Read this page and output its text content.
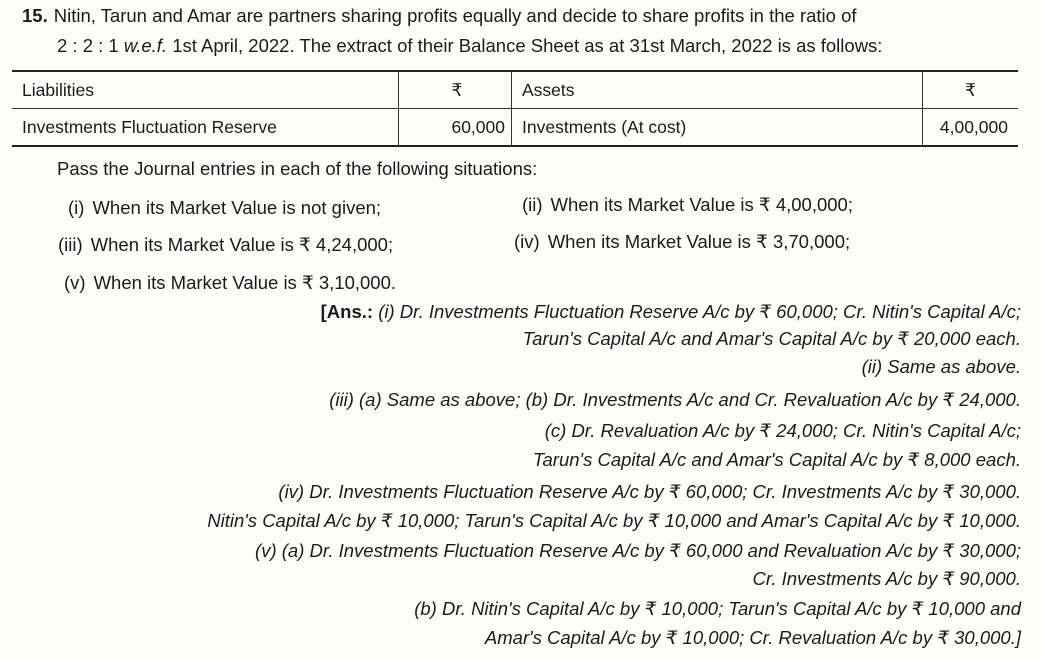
15. Nitin, Tarun and Amar are partners sharing profits equally and decide to share profits in the ratio of
2 : 2 : 1 w.e.f. 1st April, 2022. The extract of their Balance Sheet as at 31st March, 2022 is as follows:
Liabilities	₹	Assets	₹
Investments Fluctuation Reserve	60,000	Investments (At cost)	4,00,000
Pass the Journal entries in each of the following situations:
(i) When its Market Value is not given;	(ii) When its Market Value is ₹ 4,00,000;
(iii) When its Market Value is ₹ 4,24,000;	(iv) When its Market Value is ₹ 3,70,000;
(v) When its Market Value is ₹ 3,10,000.
[Ans.: (i) Dr. Investments Fluctuation Reserve A/c by ₹ 60,000; Cr. Nitin's Capital A/c;
Tarun's Capital A/c and Amar's Capital A/c by ₹ 20,000 each.
(ii) Same as above.
(iii) (a) Same as above; (b) Dr. Investments A/c and Cr. Revaluation A/c by ₹ 24,000.
(c) Dr. Revaluation A/c by ₹ 24,000; Cr. Nitin's Capital A/c;
Tarun's Capital A/c and Amar's Capital A/c by ₹ 8,000 each.
(iv) Dr. Investments Fluctuation Reserve A/c by ₹ 60,000; Cr. Investments A/c by ₹ 30,000.
Nitin's Capital A/c by ₹ 10,000; Tarun's Capital A/c by ₹ 10,000 and Amar's Capital A/c by ₹ 10,000.
(v) (a) Dr. Investments Fluctuation Reserve A/c by ₹ 60,000 and Revaluation A/c by ₹ 30,000;
Cr. Investments A/c by ₹ 90,000.
(b) Dr. Nitin's Capital A/c by ₹ 10,000; Tarun's Capital A/c by ₹ 10,000 and
Amar's Capital A/c by ₹ 10,000; Cr. Revaluation A/c by ₹ 30,000.]
